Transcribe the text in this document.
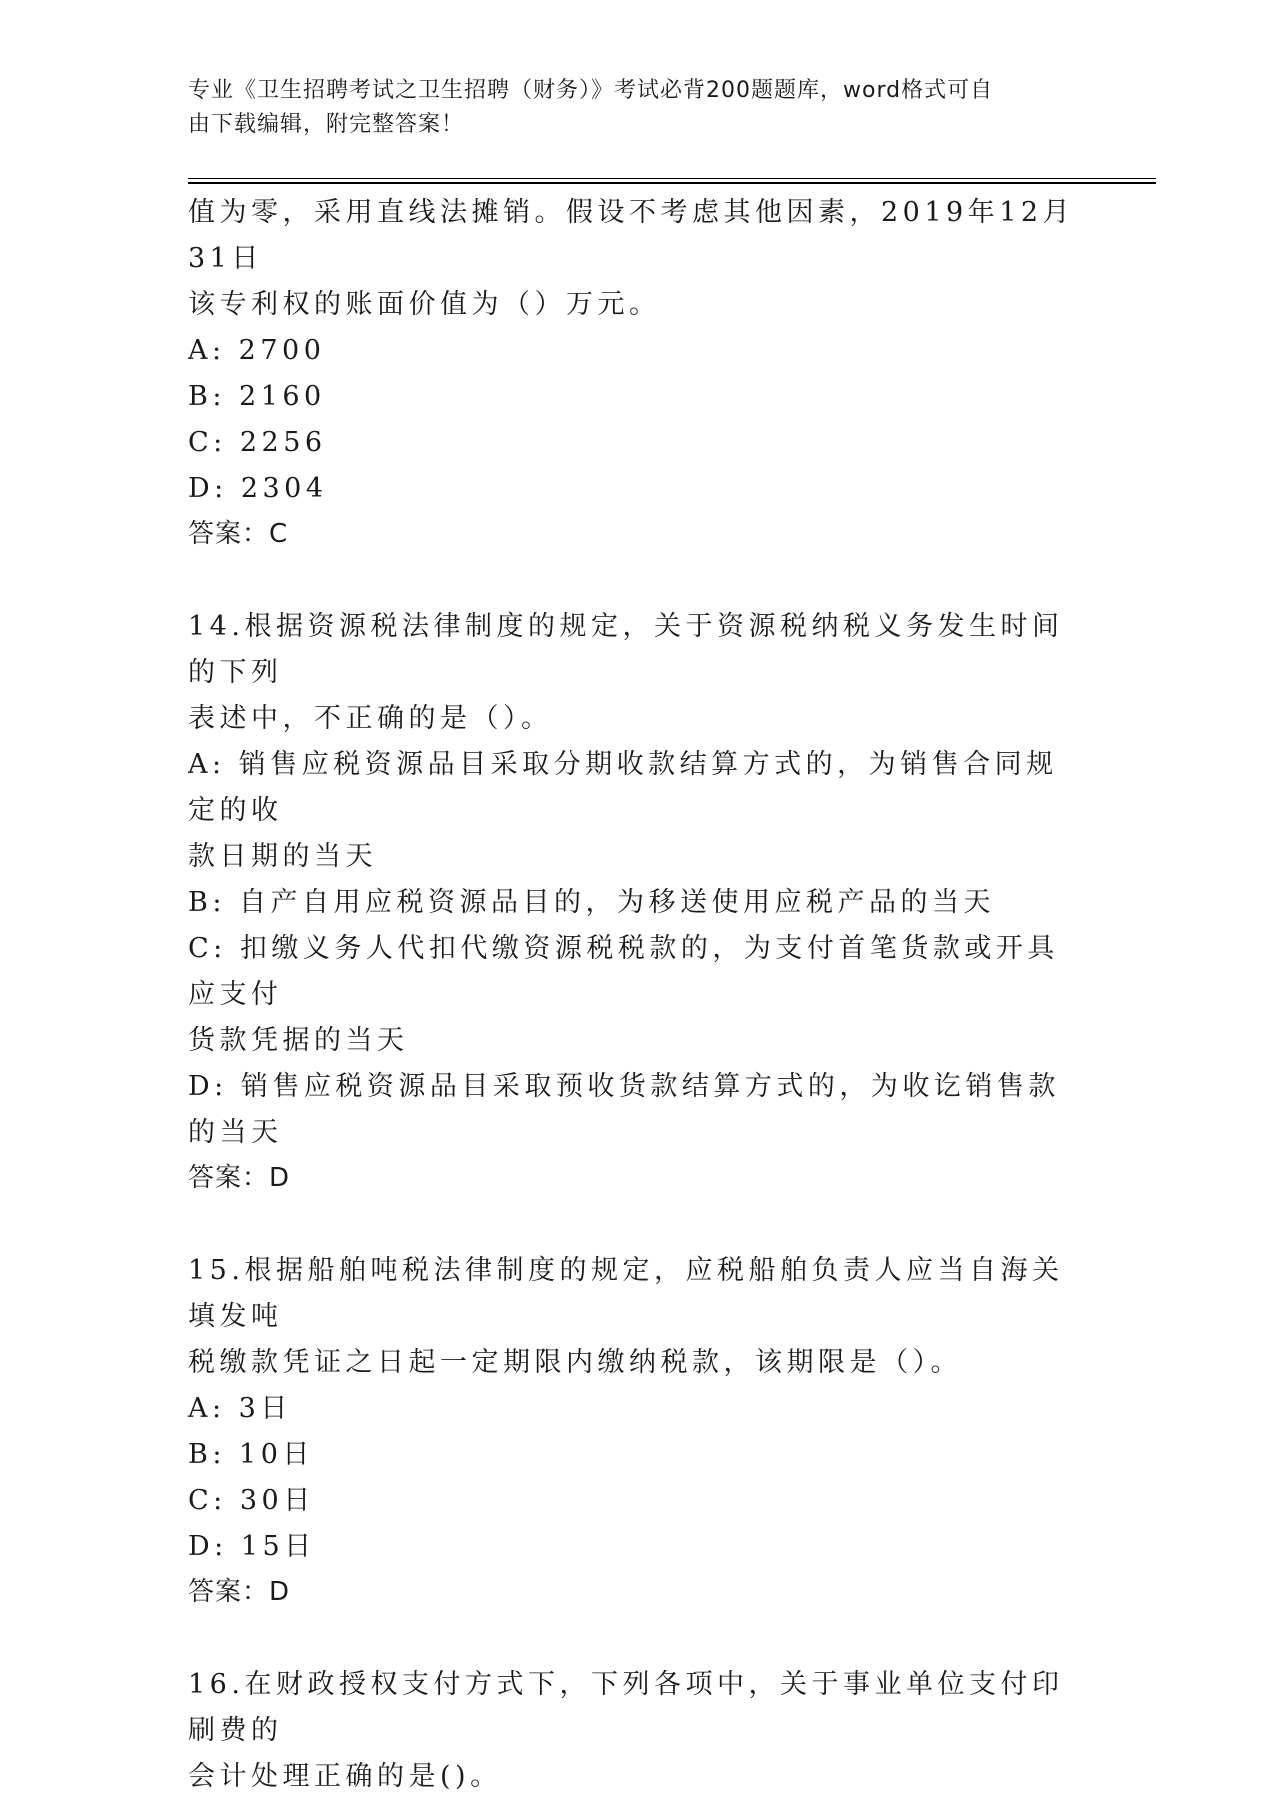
专业《卫生招聘考试之卫生招聘（财务）》考试必背200题题库，word格式可自
由下载编辑，附完整答案！

值为零，采用直线法摊销。假设不考虑其他因素，2019年12月31日

该专利权的账面价值为（）万元。

A: 2700

B: 2160

C: 2256

D: 2304

答案：C

14.根据资源税法律制度的规定，关于资源税纳税义务发生时间的下列

表述中，不正确的是（）。

A: 销售应税资源品目采取分期收款结算方式的，为销售合同规定的收

款日期的当天

B: 自产自用应税资源品目的，为移送使用应税产品的当天

C: 扣缴义务人代扣代缴资源税税款的，为支付首笔货款或开具应支付

货款凭据的当天

D: 销售应税资源品目采取预收货款结算方式的，为收讫销售款的当天

答案：D

15.根据船舶吨税法律制度的规定，应税船舶负责人应当自海关填发吨

税缴款凭证之日起一定期限内缴纳税款，该期限是（）。

A: 3日

B: 10日

C: 30日

D: 15日

答案：D

16.在财政授权支付方式下，下列各项中，关于事业单位支付印刷费的

会计处理正确的是()。
